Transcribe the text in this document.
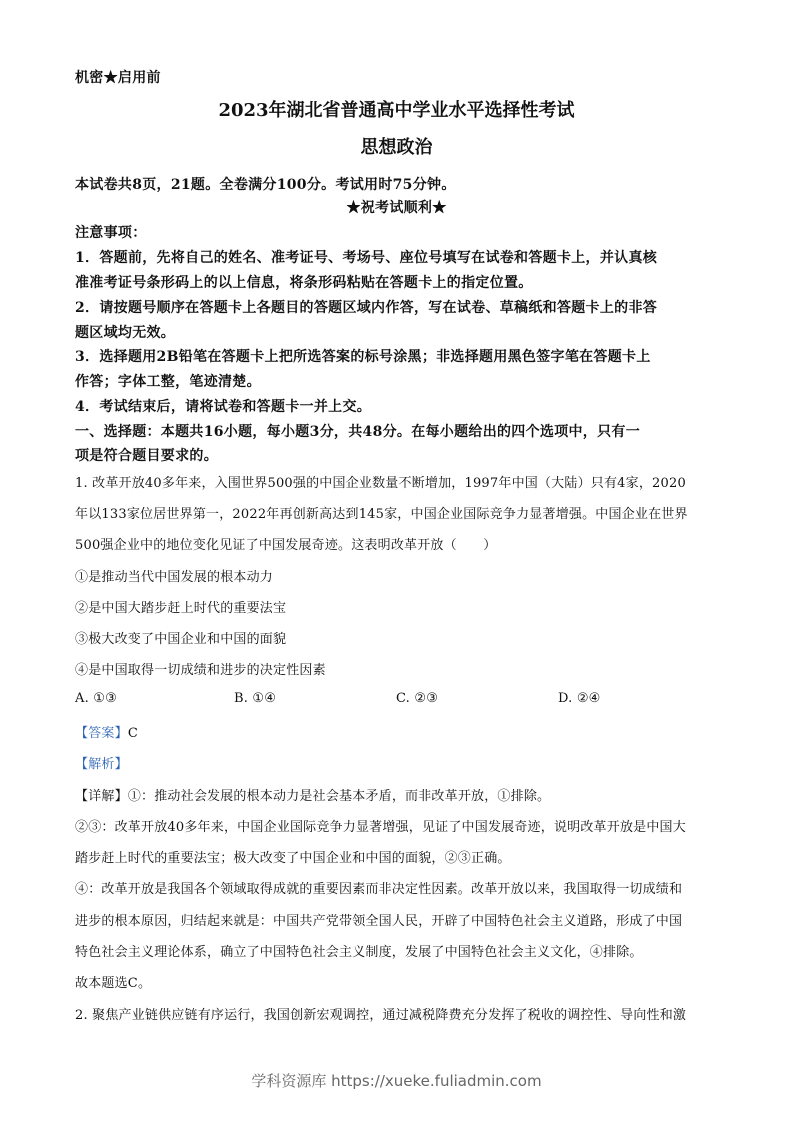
机密★启用前
2023年湖北省普通高中学业水平选择性考试
思想政治
本试卷共8页，21题。全卷满分100分。考试用时75分钟。
★祝考试顺利★
注意事项：
1．答题前，先将自己的姓名、准考证号、考场号、座位号填写在试卷和答题卡上，并认真核
准准考证号条形码上的以上信息，将条形码粘贴在答题卡上的指定位置。
2．请按题号顺序在答题卡上各题目的答题区域内作答，写在试卷、草稿纸和答题卡上的非答
题区域均无效。
3．选择题用2B铅笔在答题卡上把所选答案的标号涂黑；非选择题用黑色签字笔在答题卡上
作答；字体工整，笔迹清楚。
4．考试结束后，请将试卷和答题卡一并上交。
一、选择题：本题共16小题，每小题3分，共48分。在每小题给出的四个选项中，只有一
项是符合题目要求的。
1. 改革开放40多年来，入围世界500强的中国企业数量不断增加，1997年中国（大陆）只有4家，2020
年以133家位居世界第一，2022年再创新高达到145家，中国企业国际竞争力显著增强。中国企业在世界
500强企业中的地位变化见证了中国发展奇迹。这表明改革开放（　　）
①是推动当代中国发展的根本动力
②是中国大踏步赶上时代的重要法宝
③极大改变了中国企业和中国的面貌
④是中国取得一切成绩和进步的决定性因素
A. ①③	B. ①④	C. ②③	D. ②④
【答案】C
【解析】
【详解】①：推动社会发展的根本动力是社会基本矛盾，而非改革开放，①排除。
②③：改革开放40多年来，中国企业国际竞争力显著增强，见证了中国发展奇迹，说明改革开放是中国大
踏步赶上时代的重要法宝；极大改变了中国企业和中国的面貌，②③正确。
④：改革开放是我国各个领域取得成就的重要因素而非决定性因素。改革开放以来，我国取得一切成绩和
进步的根本原因，归结起来就是：中国共产党带领全国人民，开辟了中国特色社会主义道路，形成了中国
特色社会主义理论体系，确立了中国特色社会主义制度，发展了中国特色社会主义文化，④排除。
故本题选C。
2. 聚焦产业链供应链有序运行，我国创新宏观调控，通过减税降费充分发挥了税收的调控性、导向性和激
学科资源库 https://xueke.fuliadmin.com
